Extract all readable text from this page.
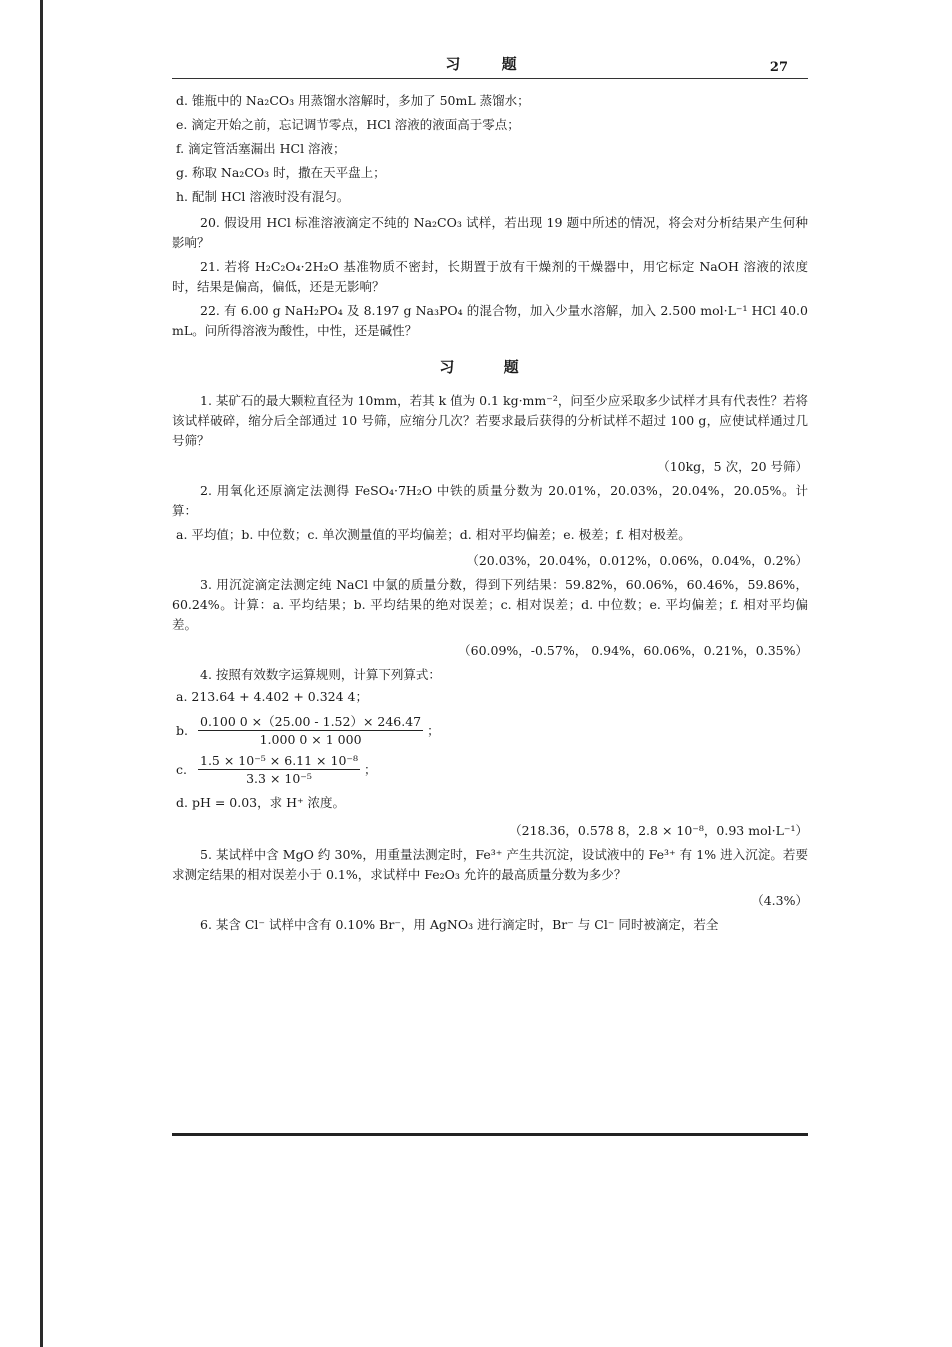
习 题	27

d. 锥瓶中的 Na₂CO₃ 用蒸馏水溶解时，多加了 50mL 蒸馏水；

e. 滴定开始之前，忘记调节零点，HCl 溶液的液面高于零点；

f. 滴定管活塞漏出 HCl 溶液；

g. 称取 Na₂CO₃ 时，撒在天平盘上；

h. 配制 HCl 溶液时没有混匀。

20. 假设用 HCl 标准溶液滴定不纯的 Na₂CO₃ 试样，若出现 19 题中所述的情况，将会对分析结果产生何种影响？

21. 若将 H₂C₂O₄·2H₂O 基准物质不密封，长期置于放有干燥剂的干燥器中，用它标定 NaOH 溶液的浓度时，结果是偏高，偏低，还是无影响？

22. 有 6.00 g NaH₂PO₄ 及 8.197 g Na₃PO₄ 的混合物，加入少量水溶解，加入 2.500 mol·L⁻¹ HCl 40.0 mL。问所得溶液为酸性，中性，还是碱性？

习 题

1. 某矿石的最大颗粒直径为 10mm，若其 k 值为 0.1 kg·mm⁻²，问至少应采取多少试样才具有代表性？若将该试样破碎，缩分后全部通过 10 号筛，应缩分几次？若要求最后获得的分析试样不超过 100 g，应使试样通过几号筛？

（10kg，5 次，20 号筛）

2. 用氧化还原滴定法测得 FeSO₄·7H₂O 中铁的质量分数为 20.01%，20.03%，20.04%，20.05%。计算：

a. 平均值；b. 中位数；c. 单次测量值的平均偏差；d. 相对平均偏差；e. 极差；f. 相对极差。

（20.03%，20.04%，0.012%，0.06%，0.04%，0.2%）

3. 用沉淀滴定法测定纯 NaCl 中氯的质量分数，得到下列结果：59.82%，60.06%，60.46%，59.86%，60.24%。计算：a. 平均结果；b. 平均结果的绝对误差；c. 相对误差；d. 中位数；e. 平均偏差；f. 相对平均偏差。

（60.09%，-0.57%， 0.94%，60.06%，0.21%，0.35%）

4. 按照有效数字运算规则，计算下列算式：

a. 213.64 + 4.402 + 0.324 4；

b. $\frac{0.100 0 \times(25.00 - 1.52)\times 246.47}{1.000 0 \times 1 000}$ ；
c. $\frac{\text{1.5 × 10⁻⁵ × 6.11 × 10⁻⁸}}{\text{3.3 × 10⁻⁵}}$ ；

d. pH = 0.03，求 H⁺ 浓度。

（218.36，0.578 8，2.8 × 10⁻⁸，0.93 mol·L⁻¹）

5. 某试样中含 MgO 约 30%，用重量法测定时，Fe³⁺ 产生共沉淀，设试液中的 Fe³⁺ 有 1% 进入沉淀。若要求测定结果的相对误差小于 0.1%，求试样中 Fe₂O₃ 允许的最高质量分数为多少？

（4.3%）

6. 某含 Cl⁻ 试样中含有 0.10% Br⁻，用 AgNO₃ 进行滴定时，Br⁻ 与 Cl⁻ 同时被滴定，若全
